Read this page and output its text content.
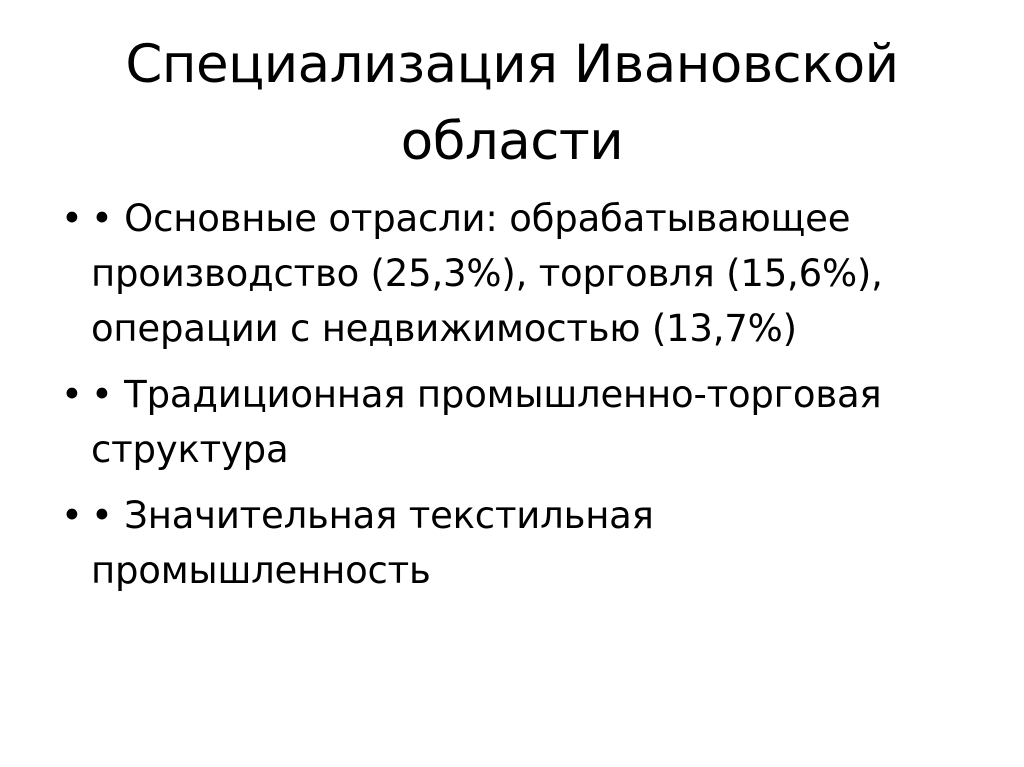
Специализация Ивановской
области
• • Основные отрасли: обрабатывающее
производство (25,3%), торговля (15,6%),
операции с недвижимостью (13,7%)
• • Традиционная промышленно-торговая
структура
• • Значительная текстильная
промышленность
